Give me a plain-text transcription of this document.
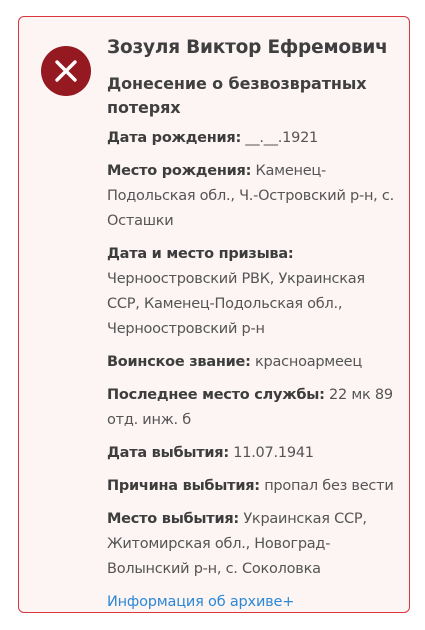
Зозуля Виктор Ефремович
Донесение о безвозвратных потерях
Дата рождения: __.__.1921
Место рождения: Каменец-Подольская обл., Ч.-Островский р-н, с. Осташки
Дата и место призыва: Черноостровский РВК, Украинская ССР, Каменец-Подольская обл., Черноостровский р-н
Воинское звание: красноармеец
Последнее место службы: 22 мк 89 отд. инж. б
Дата выбытия: 11.07.1941
Причина выбытия: пропал без вести
Место выбытия: Украинская ССР, Житомирская обл., Новоград-Волынский р-н, с. Соколовка
Информация об архиве+
